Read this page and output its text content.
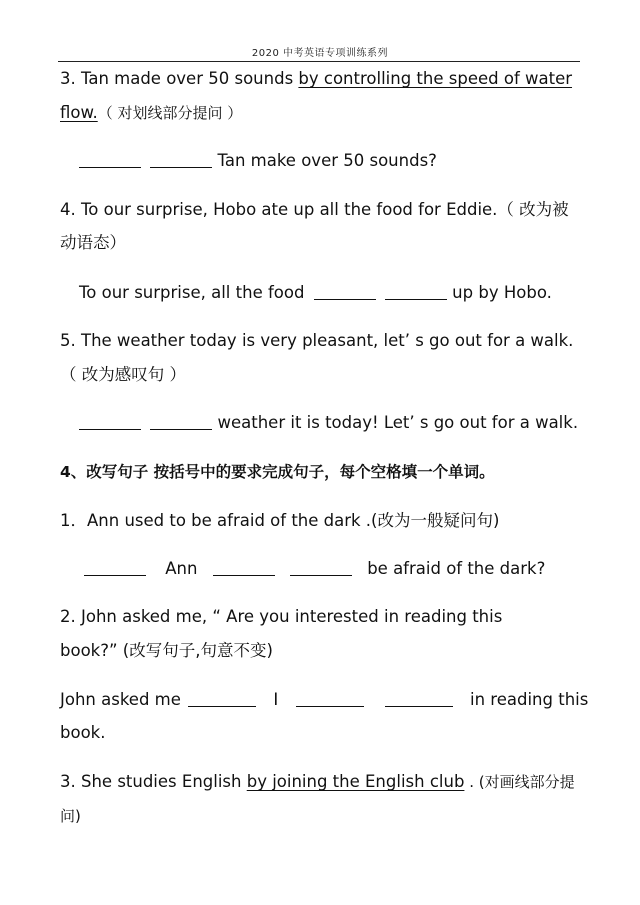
2020 中考英语专项训练系列
3. Tan made over 50 sounds by controlling the speed of water
flow.（ 对划线部分提问 ）
Tan make over 50 sounds?
4. To our surprise, Hobo ate up all the food for Eddie.（ 改为被
动语态）
To our surprise, all the food	up by Hobo.
5. The weather today is very pleasant, let’ s go out for a walk.
（ 改为感叹句 ）
weather it is today! Let’ s go out for a walk.
4、改写句子 按括号中的要求完成句子，每个空格填一个单词。
1．Ann used to be afraid of the dark .(改为一般疑问句)
Ann	be afraid of the dark?
2. John asked me, “ Are you interested in reading this
book?” (改写句子,句意不变)
John asked me	I	in reading this
book.
3. She studies English by joining the English club . (对画线部分提
问)
